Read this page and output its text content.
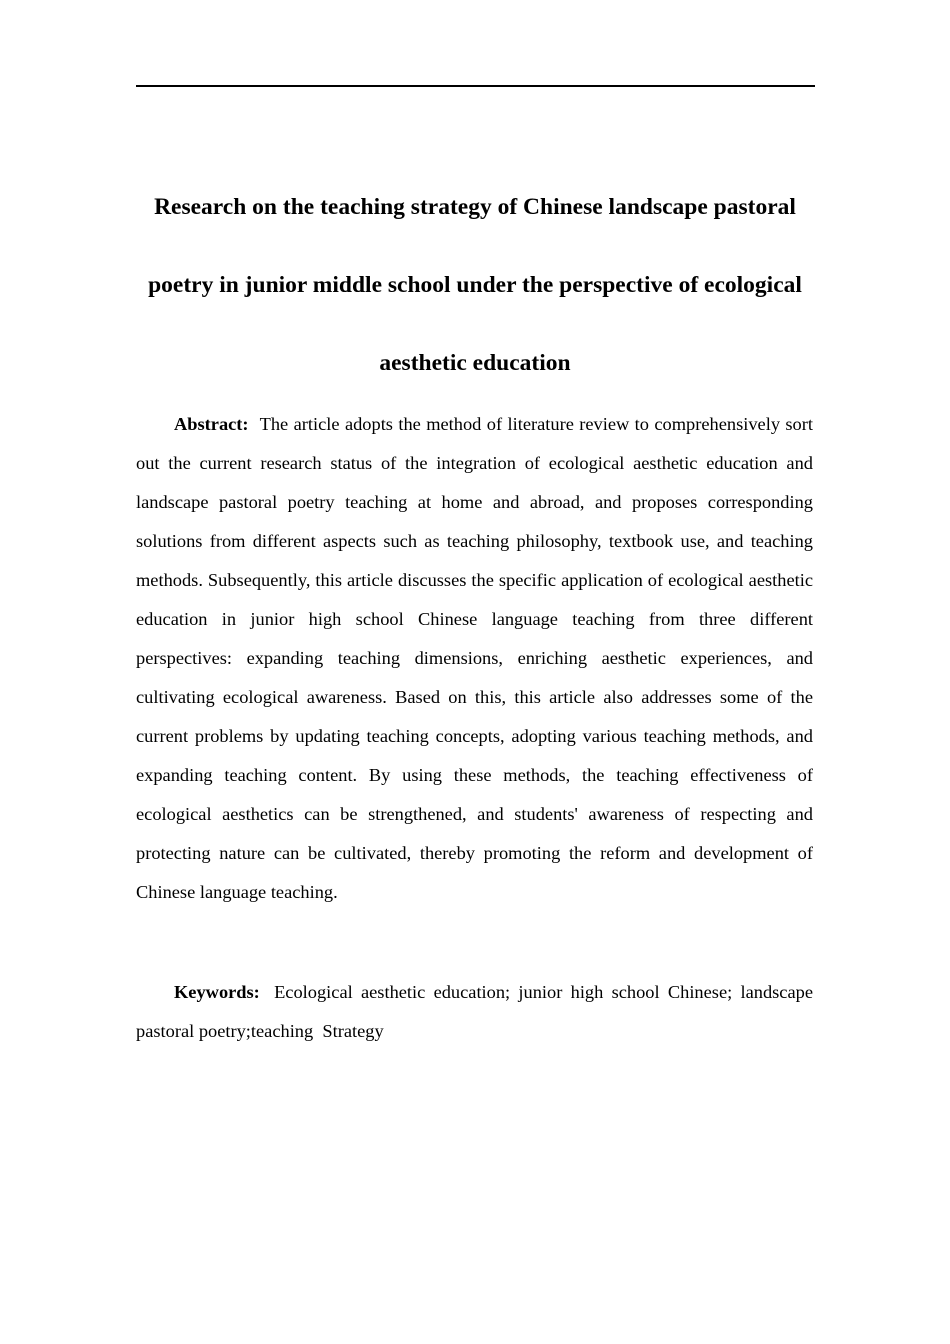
Research on the teaching strategy of Chinese landscape pastoral
poetry in junior middle school under the perspective of ecological
aesthetic education

Abstract: The article adopts the method of literature review to comprehensively sort out the current research status of the integration of ecological aesthetic education and landscape pastoral poetry teaching at home and abroad, and proposes corresponding solutions from different aspects such as teaching philosophy, textbook use, and teaching methods. Subsequently, this article discusses the specific application of ecological aesthetic education in junior high school Chinese language teaching from three different perspectives: expanding teaching dimensions, enriching aesthetic experiences, and cultivating ecological awareness. Based on this, this article also addresses some of the current problems by updating teaching concepts, adopting various teaching methods, and expanding teaching content. By using these methods, the teaching effectiveness of ecological aesthetics can be strengthened, and students' awareness of respecting and protecting nature can be cultivated, thereby promoting the reform and development of Chinese language teaching.

Keywords: Ecological aesthetic education; junior high school Chinese; landscape pastoral poetry;teaching  Strategy
